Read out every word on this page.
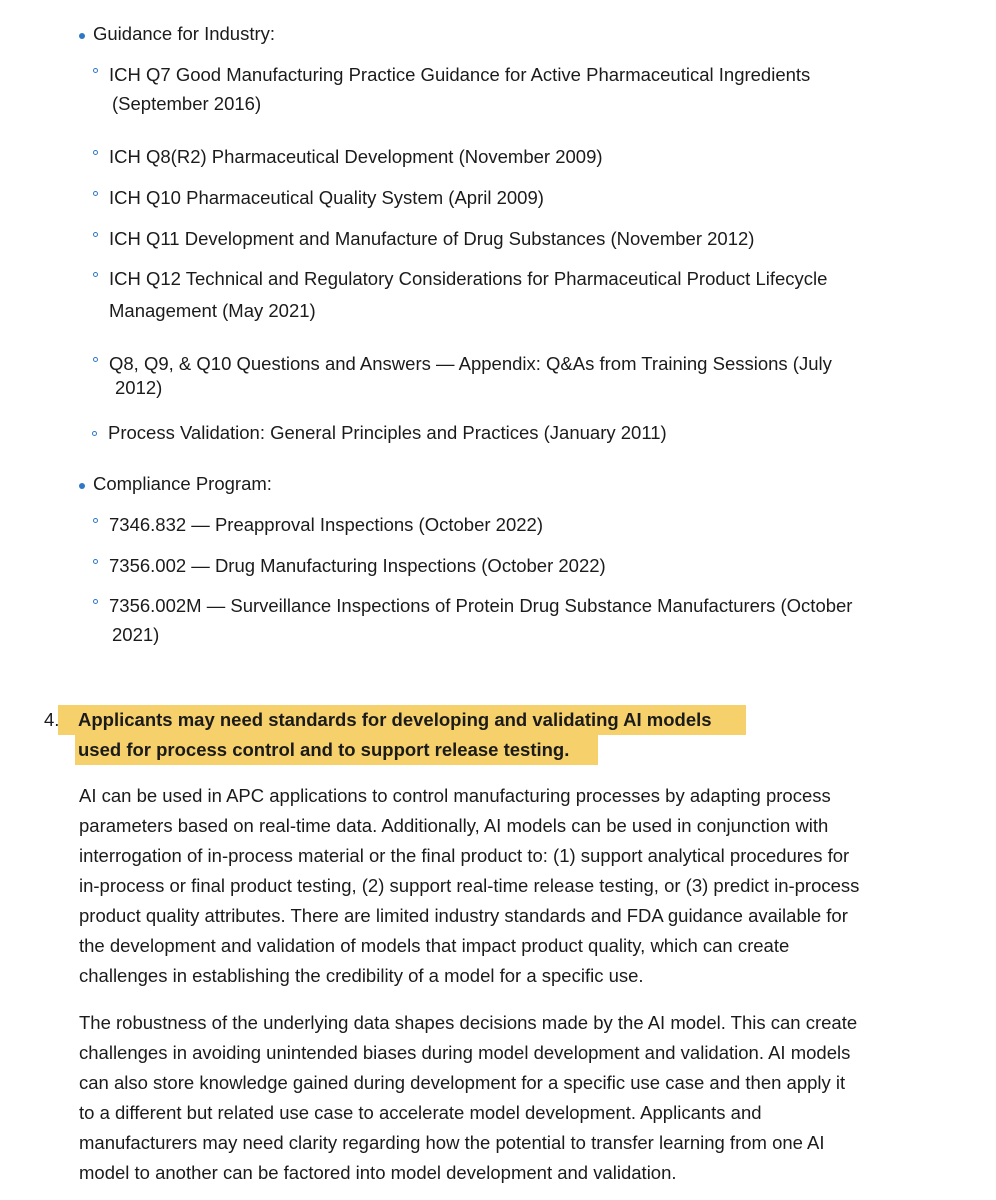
Guidance for Industry:
ICH Q7 Good Manufacturing Practice Guidance for Active Pharmaceutical Ingredients
(September 2016)
ICH Q8(R2) Pharmaceutical Development (November 2009)
ICH Q10 Pharmaceutical Quality System (April 2009)
ICH Q11 Development and Manufacture of Drug Substances (November 2012)
ICH Q12 Technical and Regulatory Considerations for Pharmaceutical Product Lifecycle
Management (May 2021)
Q8, Q9, & Q10 Questions and Answers — Appendix: Q&As from Training Sessions (July
2012)
Process Validation: General Principles and Practices (January 2011)
Compliance Program:
7346.832 — Preapproval Inspections (October 2022)
7356.002 — Drug Manufacturing Inspections (October 2022)
7356.002M — Surveillance Inspections of Protein Drug Substance Manufacturers (October
2021)
4. Applicants may need standards for developing and validating AI models
used for process control and to support release testing.
AI can be used in APC applications to control manufacturing processes by adapting process
parameters based on real-time data. Additionally, AI models can be used in conjunction with
interrogation of in-process material or the final product to: (1) support analytical procedures for
in-process or final product testing, (2) support real-time release testing, or (3) predict in-process
product quality attributes. There are limited industry standards and FDA guidance available for
the development and validation of models that impact product quality, which can create
challenges in establishing the credibility of a model for a specific use.
The robustness of the underlying data shapes decisions made by the AI model. This can create
challenges in avoiding unintended biases during model development and validation. AI models
can also store knowledge gained during development for a specific use case and then apply it
to a different but related use case to accelerate model development. Applicants and
manufacturers may need clarity regarding how the potential to transfer learning from one AI
model to another can be factored into model development and validation.
